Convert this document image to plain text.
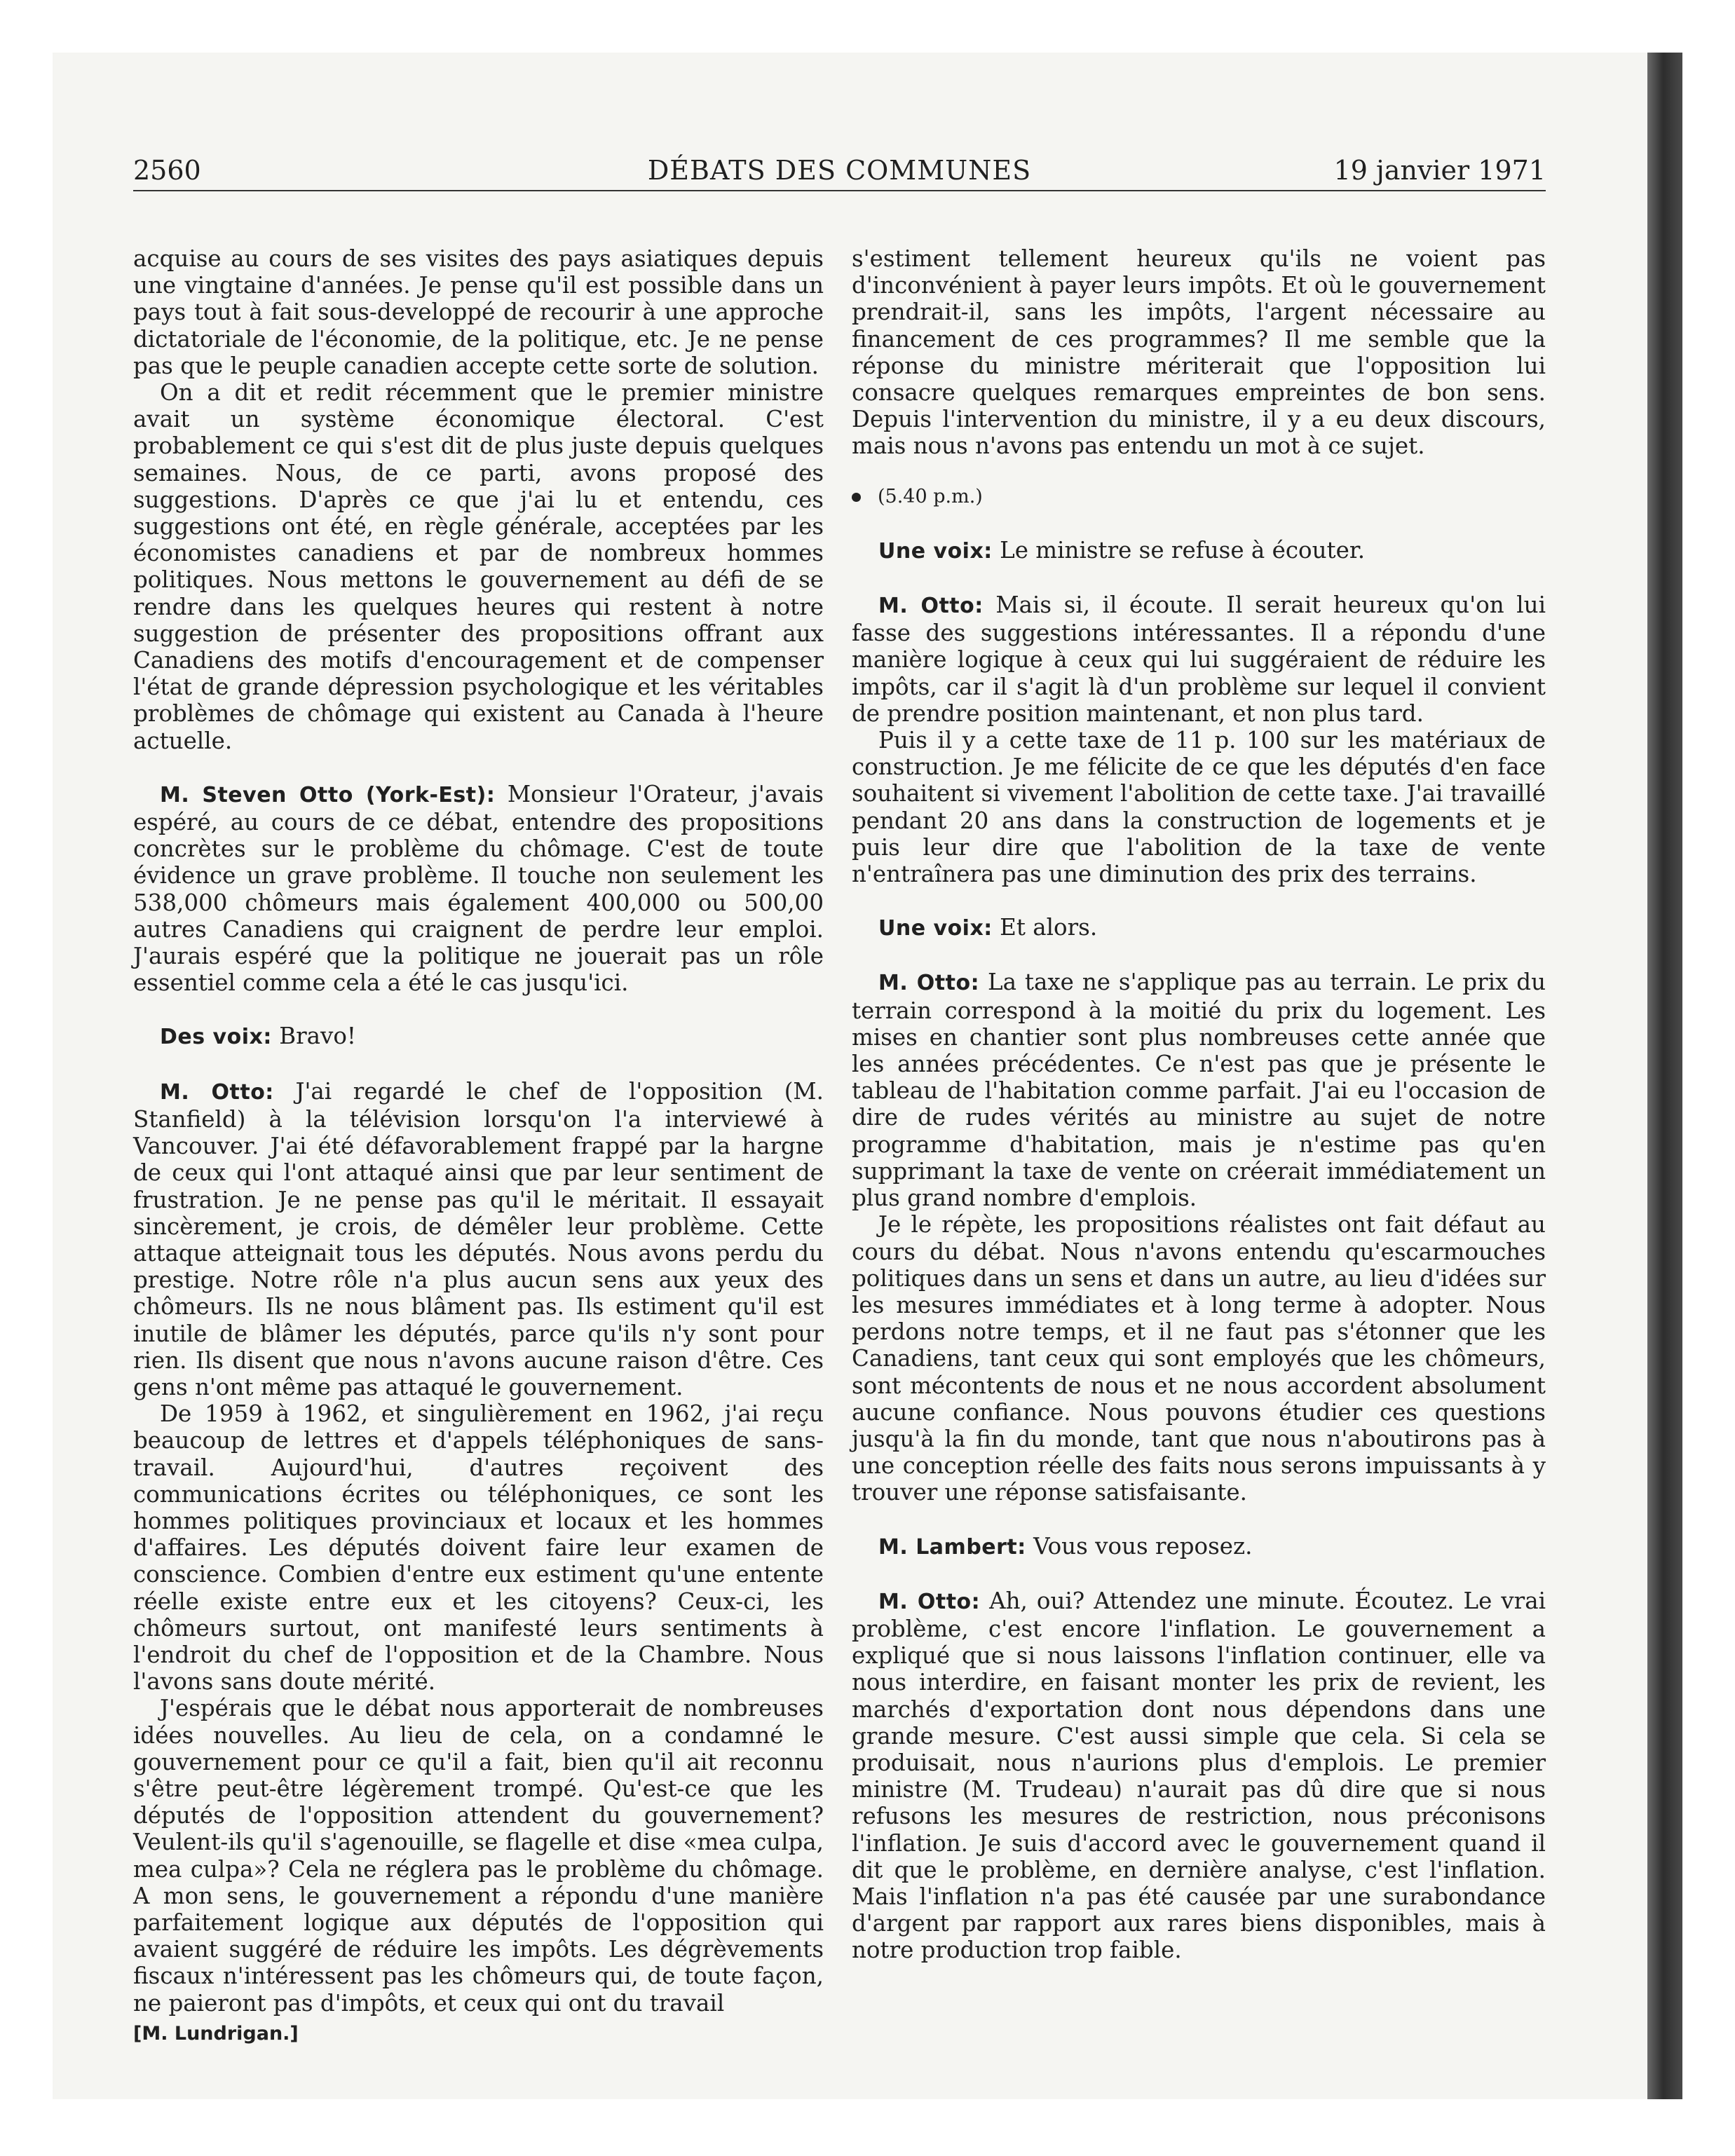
2560	DÉBATS DES COMMUNES	19 janvier 1971

acquise au cours de ses visites des pays asiatiques depuis une vingtaine d'années. Je pense qu'il est possible dans un pays tout à fait sous-developpé de recourir à une approche dictatoriale de l'économie, de la politique, etc. Je ne pense pas que le peuple canadien accepte cette sorte de solution.

On a dit et redit récemment que le premier ministre avait un système économique électoral. C'est probablement ce qui s'est dit de plus juste depuis quelques semaines. Nous, de ce parti, avons proposé des suggestions. D'après ce que j'ai lu et entendu, ces suggestions ont été, en règle générale, acceptées par les économistes canadiens et par de nombreux hommes politiques. Nous mettons le gouvernement au défi de se rendre dans les quelques heures qui restent à notre suggestion de présenter des propositions offrant aux Canadiens des motifs d'encouragement et de compenser l'état de grande dépression psychologique et les véritables problèmes de chômage qui existent au Canada à l'heure actuelle.

M. Steven Otto (York-Est): Monsieur l'Orateur, j'avais espéré, au cours de ce débat, entendre des propositions concrètes sur le problème du chômage. C'est de toute évidence un grave problème. Il touche non seulement les 538,000 chômeurs mais également 400,000 ou 500,00 autres Canadiens qui craignent de perdre leur emploi. J'aurais espéré que la politique ne jouerait pas un rôle essentiel comme cela a été le cas jusqu'ici.

Des voix: Bravo!

M. Otto: J'ai regardé le chef de l'opposition (M. Stanfield) à la télévision lorsqu'on l'a interviewé à Vancouver. J'ai été défavorablement frappé par la hargne de ceux qui l'ont attaqué ainsi que par leur sentiment de frustration. Je ne pense pas qu'il le méritait. Il essayait sincèrement, je crois, de démêler leur problème. Cette attaque atteignait tous les députés. Nous avons perdu du prestige. Notre rôle n'a plus aucun sens aux yeux des chômeurs. Ils ne nous blâment pas. Ils estiment qu'il est inutile de blâmer les députés, parce qu'ils n'y sont pour rien. Ils disent que nous n'avons aucune raison d'être. Ces gens n'ont même pas attaqué le gouvernement.

De 1959 à 1962, et singulièrement en 1962, j'ai reçu beaucoup de lettres et d'appels téléphoniques de sans-travail. Aujourd'hui, d'autres reçoivent des communications écrites ou téléphoniques, ce sont les hommes politiques provinciaux et locaux et les hommes d'affaires. Les députés doivent faire leur examen de conscience. Combien d'entre eux estiment qu'une entente réelle existe entre eux et les citoyens? Ceux-ci, les chômeurs surtout, ont manifesté leurs sentiments à l'endroit du chef de l'opposition et de la Chambre. Nous l'avons sans doute mérité.

J'espérais que le débat nous apporterait de nombreuses idées nouvelles. Au lieu de cela, on a condamné le gouvernement pour ce qu'il a fait, bien qu'il ait reconnu s'être peut-être légèrement trompé. Qu'est-ce que les députés de l'opposition attendent du gouvernement? Veulent-ils qu'il s'agenouille, se flagelle et dise «mea culpa, mea culpa»? Cela ne réglera pas le problème du chômage. A mon sens, le gouvernement a répondu d'une manière parfaitement logique aux députés de l'opposition qui avaient suggéré de réduire les impôts. Les dégrèvements fiscaux n'intéressent pas les chômeurs qui, de toute façon, ne paieront pas d'impôts, et ceux qui ont du travail

[M. Lundrigan.]

s'estiment tellement heureux qu'ils ne voient pas d'inconvénient à payer leurs impôts. Et où le gouvernement prendrait-il, sans les impôts, l'argent nécessaire au financement de ces programmes? Il me semble que la réponse du ministre mériterait que l'opposition lui consacre quelques remarques empreintes de bon sens. Depuis l'intervention du ministre, il y a eu deux discours, mais nous n'avons pas entendu un mot à ce sujet.

(5.40 p.m.)

Une voix: Le ministre se refuse à écouter.

M. Otto: Mais si, il écoute. Il serait heureux qu'on lui fasse des suggestions intéressantes. Il a répondu d'une manière logique à ceux qui lui suggéraient de réduire les impôts, car il s'agit là d'un problème sur lequel il convient de prendre position maintenant, et non plus tard.

Puis il y a cette taxe de 11 p. 100 sur les matériaux de construction. Je me félicite de ce que les députés d'en face souhaitent si vivement l'abolition de cette taxe. J'ai travaillé pendant 20 ans dans la construction de logements et je puis leur dire que l'abolition de la taxe de vente n'entraînera pas une diminution des prix des terrains.

Une voix: Et alors.

M. Otto: La taxe ne s'applique pas au terrain. Le prix du terrain correspond à la moitié du prix du logement. Les mises en chantier sont plus nombreuses cette année que les années précédentes. Ce n'est pas que je présente le tableau de l'habitation comme parfait. J'ai eu l'occasion de dire de rudes vérités au ministre au sujet de notre programme d'habitation, mais je n'estime pas qu'en supprimant la taxe de vente on créerait immédiatement un plus grand nombre d'emplois.

Je le répète, les propositions réalistes ont fait défaut au cours du débat. Nous n'avons entendu qu'escarmouches politiques dans un sens et dans un autre, au lieu d'idées sur les mesures immédiates et à long terme à adopter. Nous perdons notre temps, et il ne faut pas s'étonner que les Canadiens, tant ceux qui sont employés que les chômeurs, sont mécontents de nous et ne nous accordent absolument aucune confiance. Nous pouvons étudier ces questions jusqu'à la fin du monde, tant que nous n'aboutirons pas à une conception réelle des faits nous serons impuissants à y trouver une réponse satisfaisante.

M. Lambert: Vous vous reposez.

M. Otto: Ah, oui? Attendez une minute. Écoutez. Le vrai problème, c'est encore l'inflation. Le gouvernement a expliqué que si nous laissons l'inflation continuer, elle va nous interdire, en faisant monter les prix de revient, les marchés d'exportation dont nous dépendons dans une grande mesure. C'est aussi simple que cela. Si cela se produisait, nous n'aurions plus d'emplois. Le premier ministre (M. Trudeau) n'aurait pas dû dire que si nous refusons les mesures de restriction, nous préconisons l'inflation. Je suis d'accord avec le gouvernement quand il dit que le problème, en dernière analyse, c'est l'inflation. Mais l'inflation n'a pas été causée par une surabondance d'argent par rapport aux rares biens disponibles, mais à notre production trop faible.
